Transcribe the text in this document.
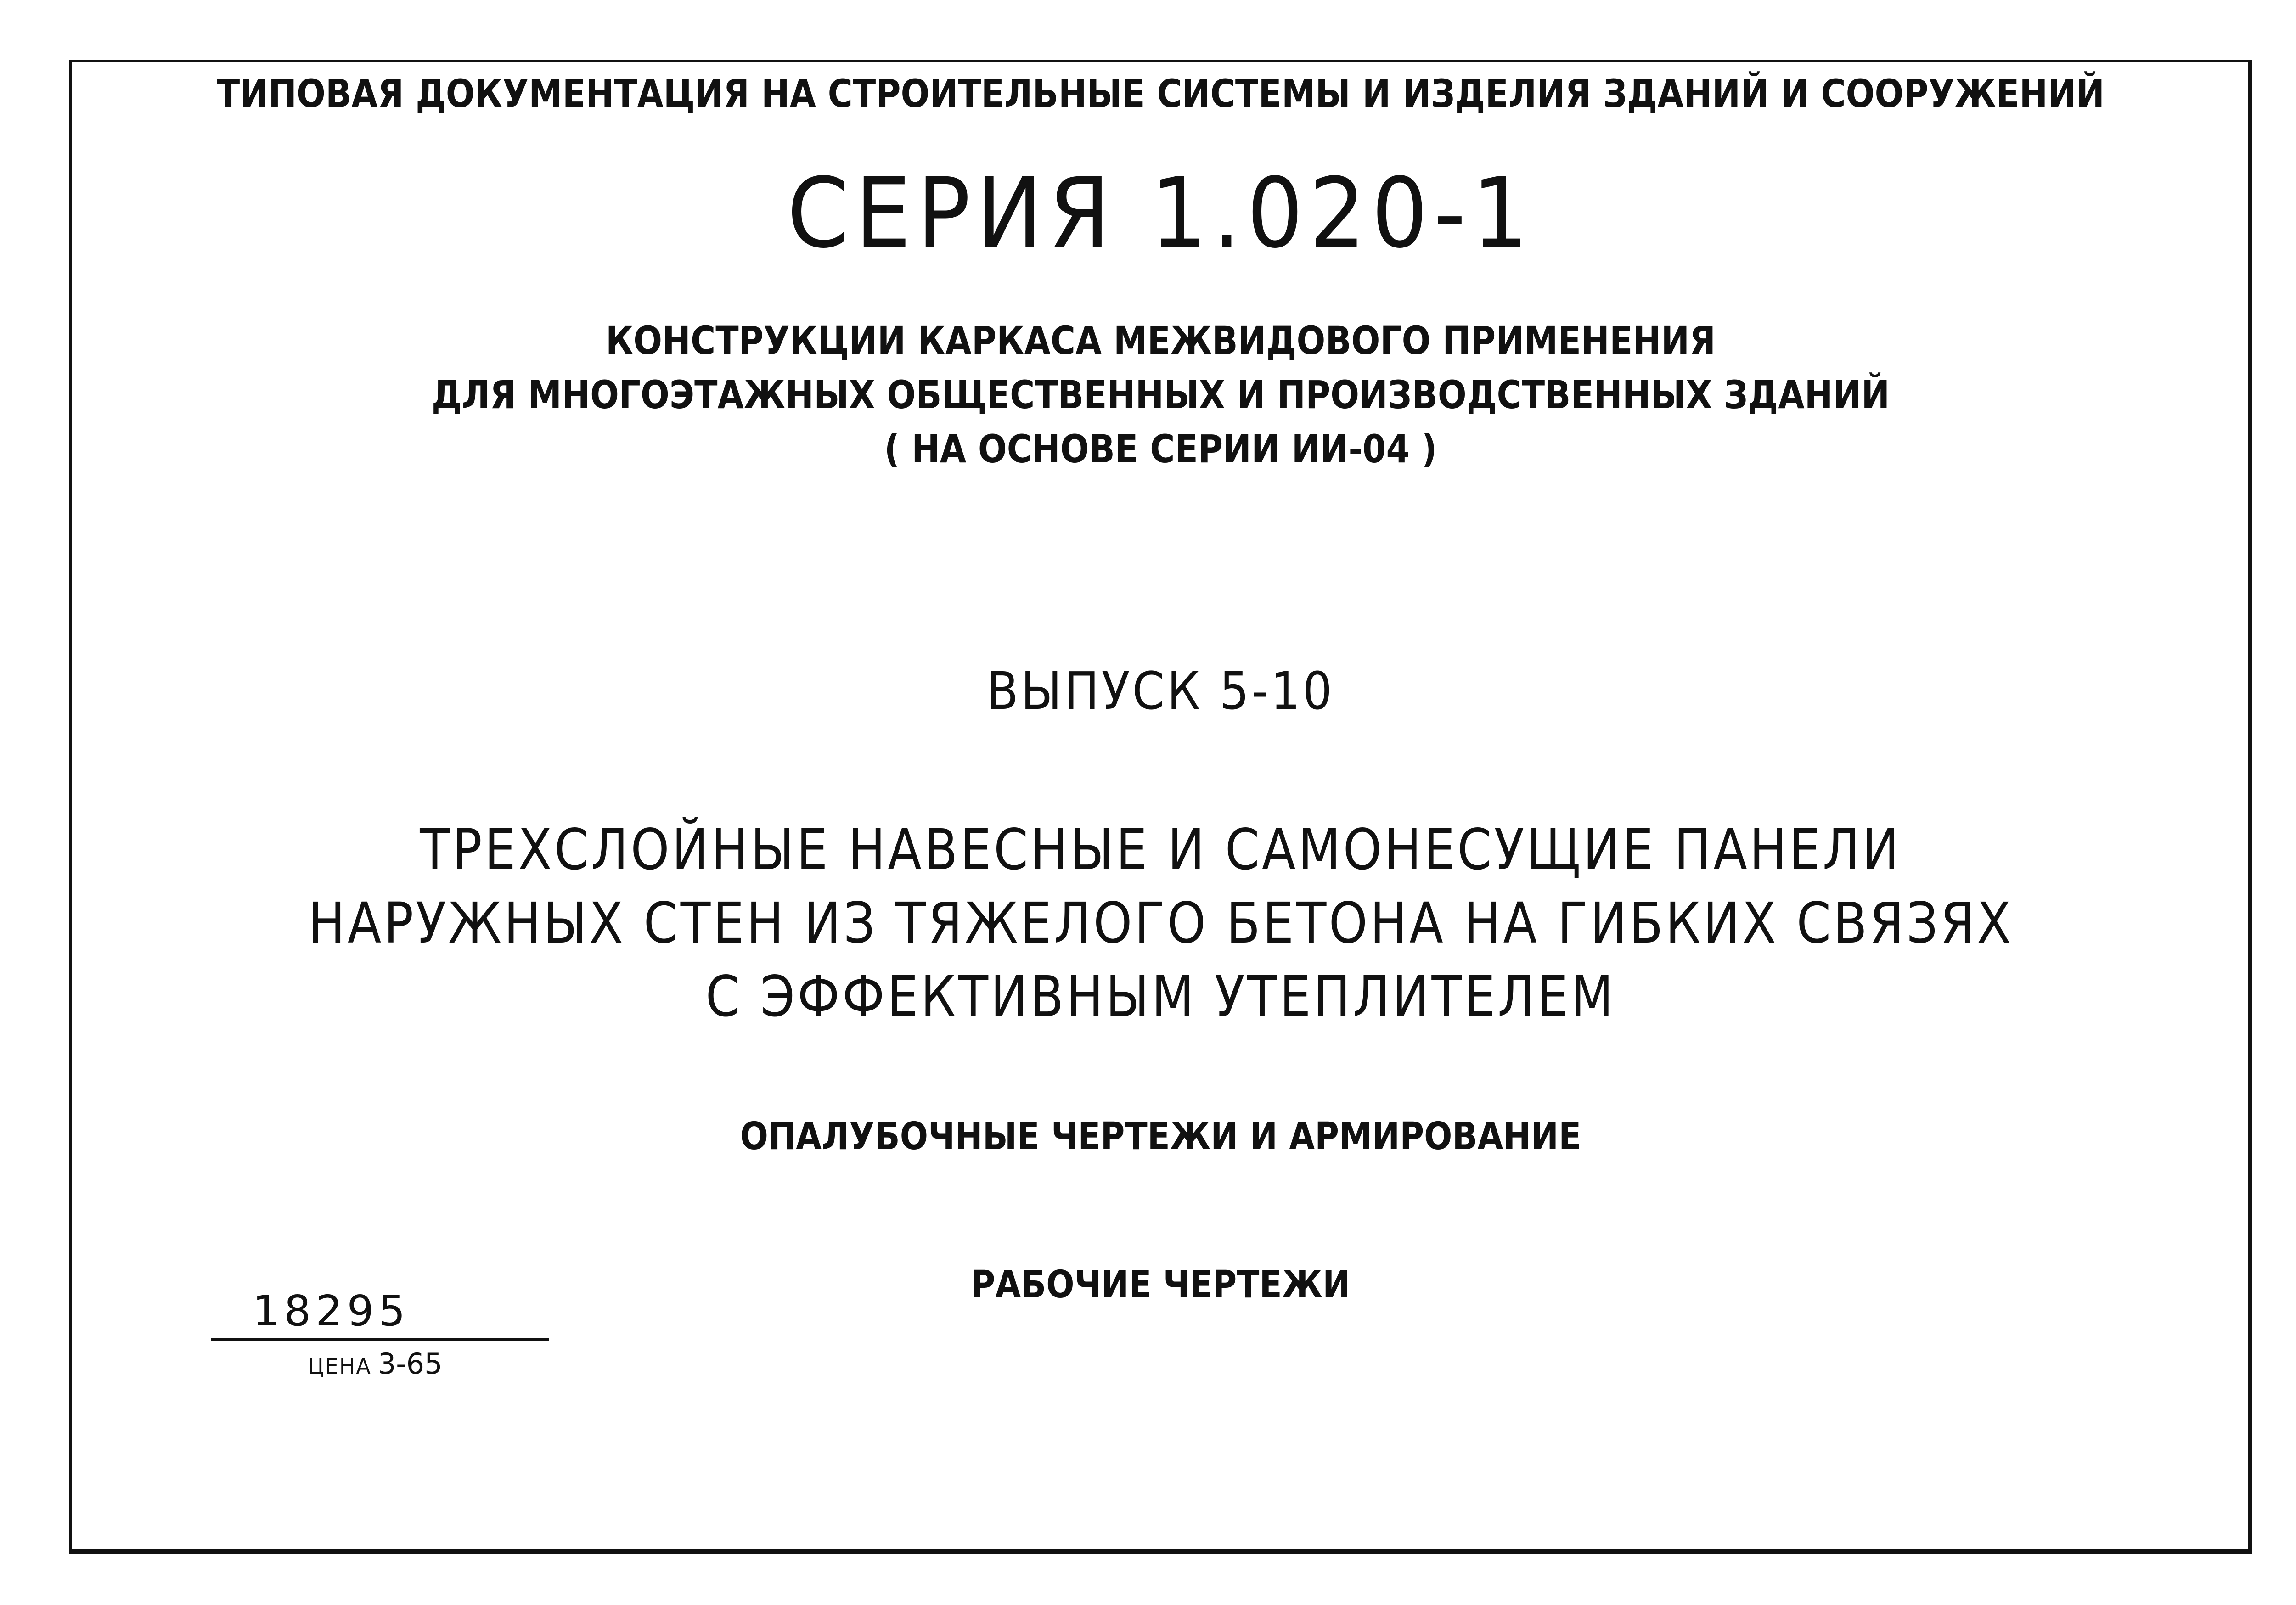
ТИПОВАЯ ДОКУМЕНТАЦИЯ НА СТРОИТЕЛЬНЫЕ СИСТЕМЫ И ИЗДЕЛИЯ ЗДАНИЙ И СООРУЖЕНИЙ
СЕРИЯ 1.020-1
КОНСТРУКЦИИ КАРКАСА МЕЖВИДОВОГО ПРИМЕНЕНИЯ
ДЛЯ МНОГОЭТАЖНЫХ ОБЩЕСТВЕННЫХ И ПРОИЗВОДСТВЕННЫХ ЗДАНИЙ
( НА ОСНОВЕ СЕРИИ ИИ-04 )
ВЫПУСК 5-10
ТРЕХСЛОЙНЫЕ НАВЕСНЫЕ И САМОНЕСУЩИЕ ПАНЕЛИ
НАРУЖНЫХ СТЕН ИЗ ТЯЖЕЛОГО БЕТОНА НА ГИБКИХ СВЯЗЯХ
С ЭФФЕКТИВНЫМ УТЕПЛИТЕЛЕМ
ОПАЛУБОЧНЫЕ ЧЕРТЕЖИ И АРМИРОВАНИЕ
РАБОЧИЕ ЧЕРТЕЖИ
18295
ЦЕНА 3-65
